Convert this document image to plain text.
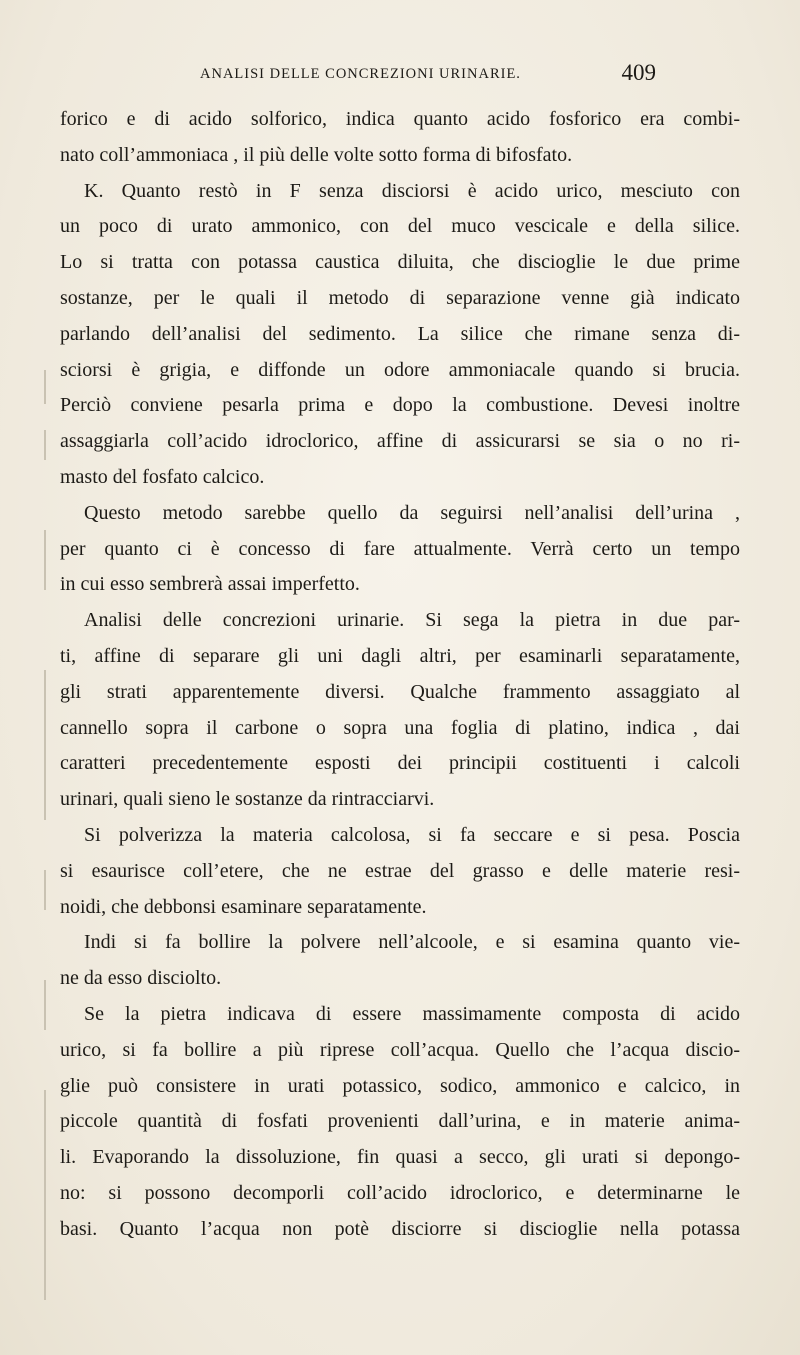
ANALISI DELLE CONCREZIONI URINARIE.	409
forico e di acido solforico, indica quanto acido fosforico era combi-
nato coll’ammoniaca , il più delle volte sotto forma di bifosfato.
K. Quanto restò in F senza disciorsi è acido urico, mesciuto con
un poco di urato ammonico, con del muco vescicale e della silice.
Lo si tratta con potassa caustica diluita, che discioglie le due prime
sostanze, per le quali il metodo di separazione venne già indicato
parlando dell’analisi del sedimento. La silice che rimane senza di-
sciorsi è grigia, e diffonde un odore ammoniacale quando si brucia.
Perciò conviene pesarla prima e dopo la combustione. Devesi inoltre
assaggiarla coll’acido idroclorico, affine di assicurarsi se sia o no ri-
masto del fosfato calcico.
Questo metodo sarebbe quello da seguirsi nell’analisi dell’urina ,
per quanto ci è concesso di fare attualmente. Verrà certo un tempo
in cui esso sembrerà assai imperfetto.
Analisi delle concrezioni urinarie. Si sega la pietra in due par-
ti, affine di separare gli uni dagli altri, per esaminarli separatamente,
gli strati apparentemente diversi. Qualche frammento assaggiato al
cannello sopra il carbone o sopra una foglia di platino, indica , dai
caratteri precedentemente esposti dei principii costituenti i calcoli
urinari, quali sieno le sostanze da rintracciarvi.
Si polverizza la materia calcolosa, si fa seccare e si pesa. Poscia
si esaurisce coll’etere, che ne estrae del grasso e delle materie resi-
noidi, che debbonsi esaminare separatamente.
Indi si fa bollire la polvere nell’alcoole, e si esamina quanto vie-
ne da esso disciolto.
Se la pietra indicava di essere massimamente composta di acido
urico, si fa bollire a più riprese coll’acqua. Quello che l’acqua discio-
glie può consistere in urati potassico, sodico, ammonico e calcico, in
piccole quantità di fosfati provenienti dall’urina, e in materie anima-
li. Evaporando la dissoluzione, fin quasi a secco, gli urati si depongo-
no: si possono decomporli coll’acido idroclorico, e determinarne le
basi. Quanto l’acqua non potè disciorre si discioglie nella potassa
